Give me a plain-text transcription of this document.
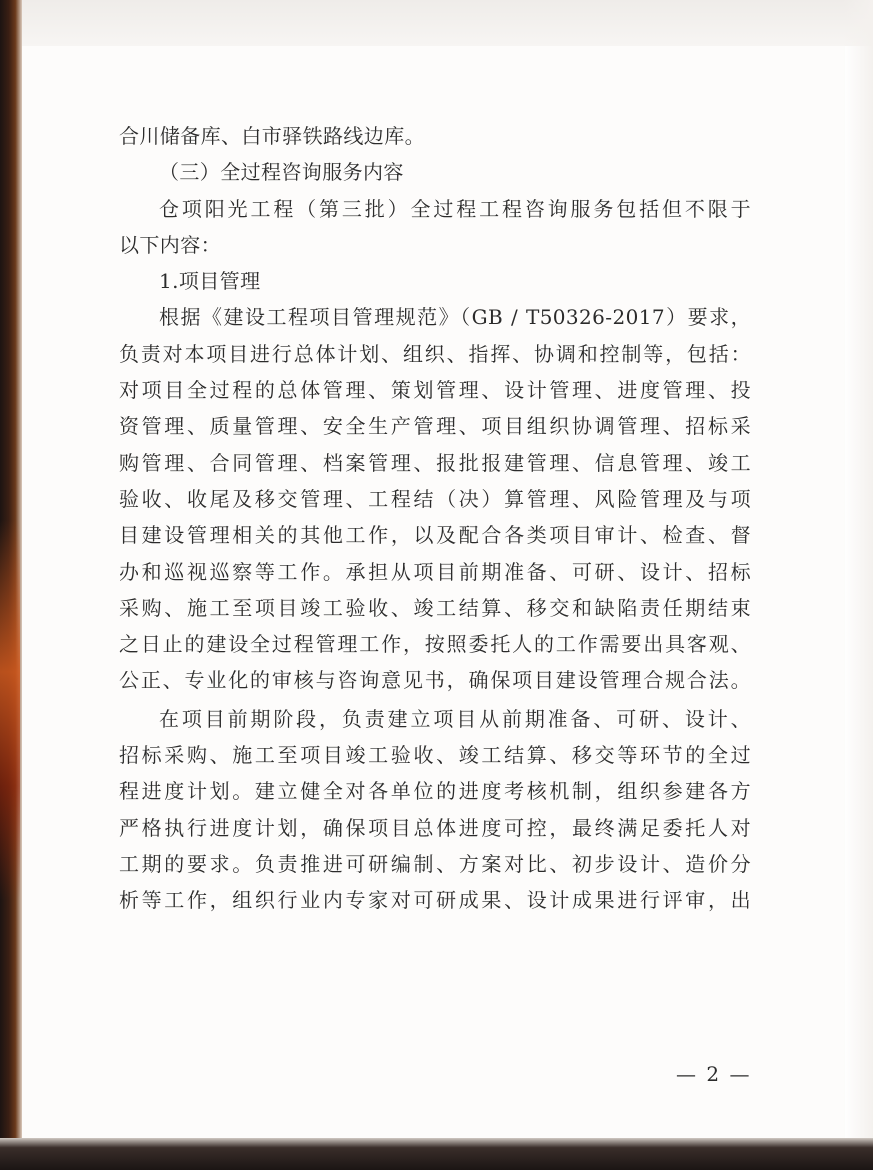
合川储备库、白市驿铁路线边库。
（三）全过程咨询服务内容
仓项阳光工程（第三批）全过程工程咨询服务包括但不限于
以下内容：
1.项目管理
根据《建设工程项目管理规范》（GB / T50326-2017）要求，
负责对本项目进行总体计划、组织、指挥、协调和控制等，包括：
对项目全过程的总体管理、策划管理、设计管理、进度管理、投
资管理、质量管理、安全生产管理、项目组织协调管理、招标采
购管理、合同管理、档案管理、报批报建管理、信息管理、竣工
验收、收尾及移交管理、工程结（决）算管理、风险管理及与项
目建设管理相关的其他工作，以及配合各类项目审计、检查、督
办和巡视巡察等工作。承担从项目前期准备、可研、设计、招标
采购、施工至项目竣工验收、竣工结算、移交和缺陷责任期结束
之日止的建设全过程管理工作，按照委托人的工作需要出具客观、
公正、专业化的审核与咨询意见书，确保项目建设管理合规合法。
在项目前期阶段，负责建立项目从前期准备、可研、设计、
招标采购、施工至项目竣工验收、竣工结算、移交等环节的全过
程进度计划。建立健全对各单位的进度考核机制，组织参建各方
严格执行进度计划，确保项目总体进度可控，最终满足委托人对
工期的要求。负责推进可研编制、方案对比、初步设计、造价分
析等工作，组织行业内专家对可研成果、设计成果进行评审，出
— 2 —
